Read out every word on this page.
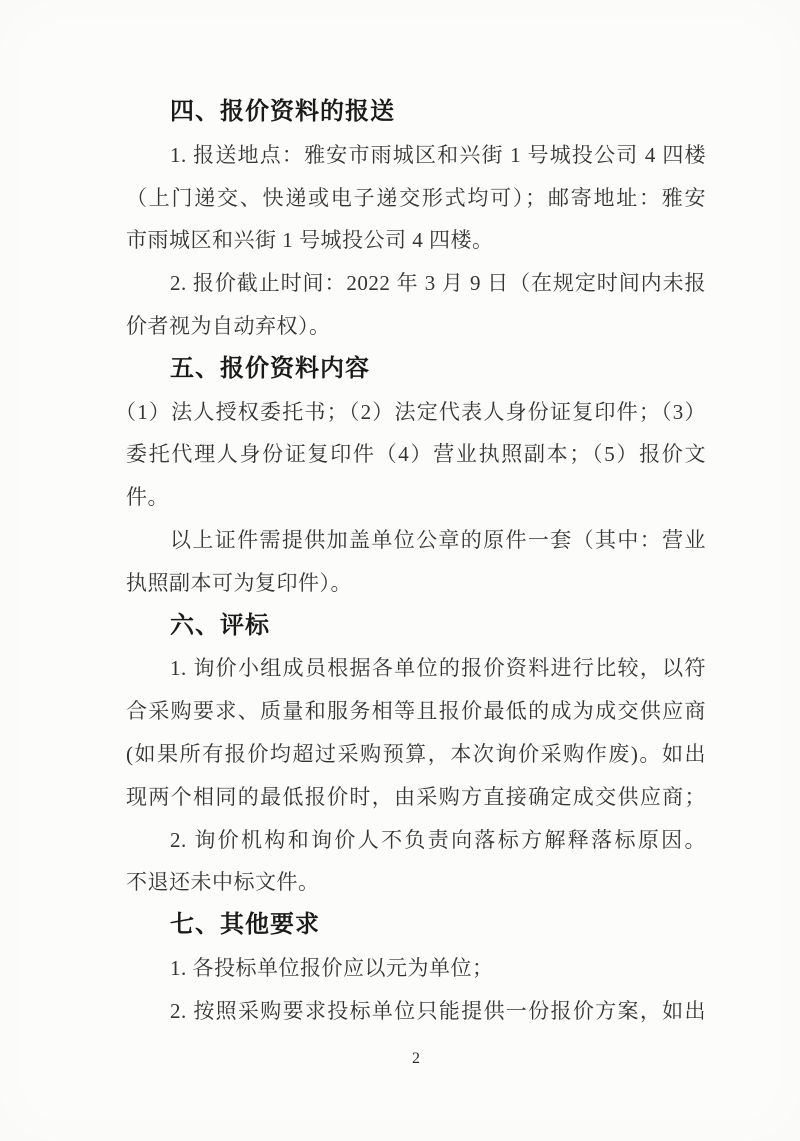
四、报价资料的报送
1. 报送地点：雅安市雨城区和兴街 1 号城投公司 4 四楼
（上门递交、快递或电子递交形式均可）；邮寄地址：雅安
市雨城区和兴街 1 号城投公司 4 四楼。
2. 报价截止时间：2022 年 3 月 9 日（在规定时间内未报
价者视为自动弃权）。
五、报价资料内容
（1）法人授权委托书；（2）法定代表人身份证复印件；（3）
委托代理人身份证复印件（4）营业执照副本；（5）报价文
件。
以上证件需提供加盖单位公章的原件一套（其中：营业
执照副本可为复印件）。
六、评标
1. 询价小组成员根据各单位的报价资料进行比较，以符
合采购要求、质量和服务相等且报价最低的成为成交供应商
(如果所有报价均超过采购预算，本次询价采购作废)。如出
现两个相同的最低报价时，由采购方直接确定成交供应商；
2. 询价机构和询价人不负责向落标方解释落标原因。
不退还未中标文件。
七、其他要求
1. 各投标单位报价应以元为单位；
2. 按照采购要求投标单位只能提供一份报价方案，如出
2
